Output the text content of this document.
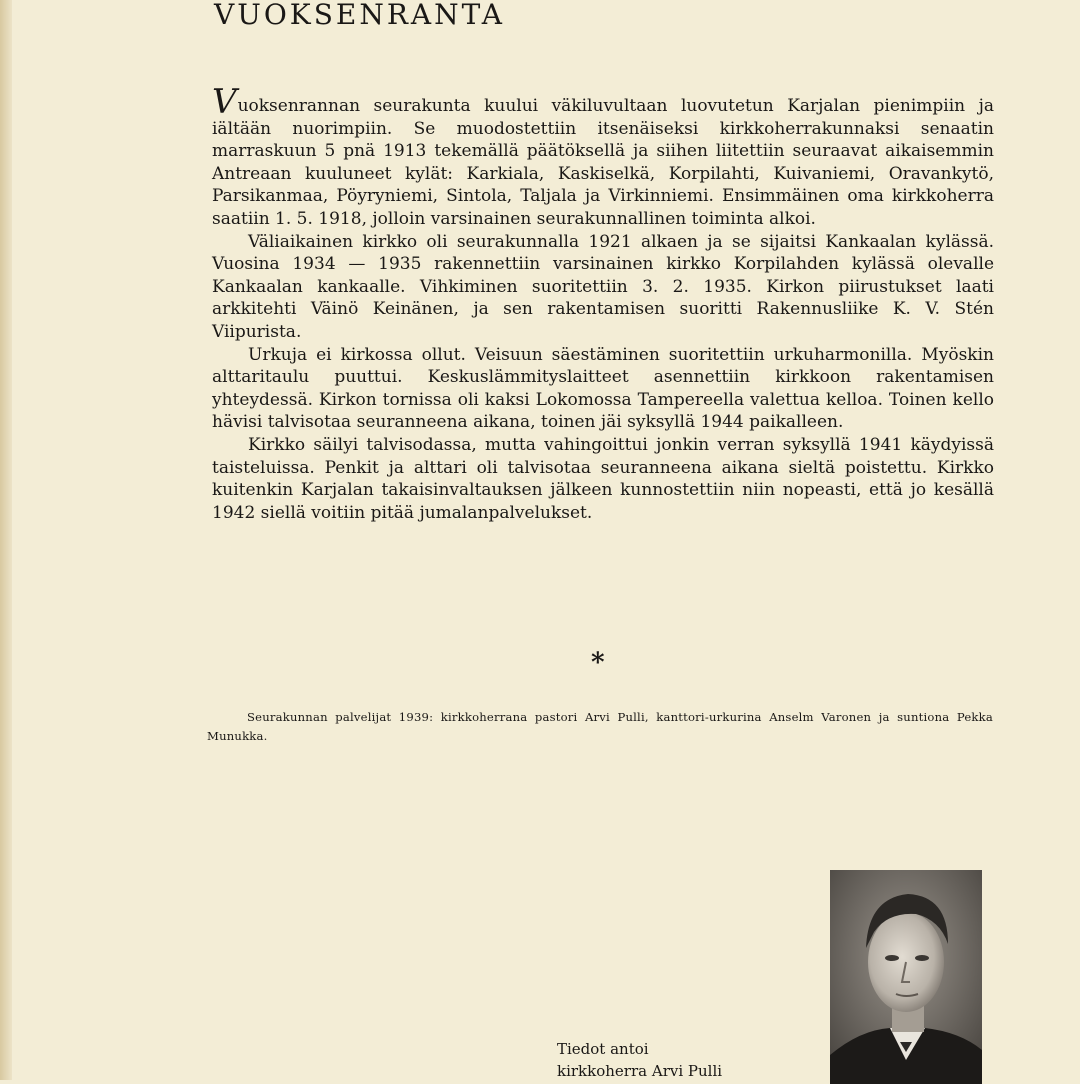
VUOKSENRANTA

Vuoksenrannan seurakunta kuului väkiluvultaan luovutetun Karjalan pienimpiin ja iältään nuorimpiin. Se muodostettiin itsenäiseksi kirkkoherrakunnaksi senaatin marraskuun 5 pnä 1913 tekemällä päätöksellä ja siihen liitettiin seuraavat aikaisemmin Antreaan kuuluneet kylät: Karkiala, Kaskiselkä, Korpilahti, Kuivaniemi, Oravankytö, Parsikanmaa, Pöyryniemi, Sintola, Taljala ja Virkinniemi. Ensimmäinen oma kirkkoherra saatiin 1. 5. 1918, jolloin varsinainen seurakunnallinen toiminta alkoi.

Väliaikainen kirkko oli seurakunnalla 1921 alkaen ja se sijaitsi Kankaalan kylässä. Vuosina 1934 — 1935 rakennettiin varsinainen kirkko Korpilahden kylässä olevalle Kankaalan kankaalle. Vihkiminen suoritettiin 3. 2. 1935. Kirkon piirustukset laati arkkitehti Väinö Keinänen, ja sen rakentamisen suoritti Rakennusliike K. V. Stén Viipurista.

Urkuja ei kirkossa ollut. Veisuun säestäminen suoritettiin urkuharmonilla. Myöskin alttaritaulu puuttui. Keskuslämmityslaitteet asennettiin kirkkoon rakentamisen yhteydessä. Kirkon tornissa oli kaksi Lokomossa Tampereella valettua kelloa. Toinen kello hävisi talvisotaa seuranneena aikana, toinen jäi syksyllä 1944 paikalleen.

Kirkko säilyi talvisodassa, mutta vahingoittui jonkin verran syksyllä 1941 käydyissä taisteluissa. Penkit ja alttari oli talvisotaa seuranneena aikana sieltä poistettu. Kirkko kuitenkin Karjalan takaisinvaltauksen jälkeen kunnostettiin niin nopeasti, että jo kesällä 1942 siellä voitiin pitää jumalanpalvelukset.

*
Seurakunnan palvelijat 1939: kirkkoherrana pastori Arvi Pulli, kanttori-urkurina Anselm Varonen ja suntiona Pekka Munukka.
Tiedot antoi
kirkkoherra Arvi Pulli
